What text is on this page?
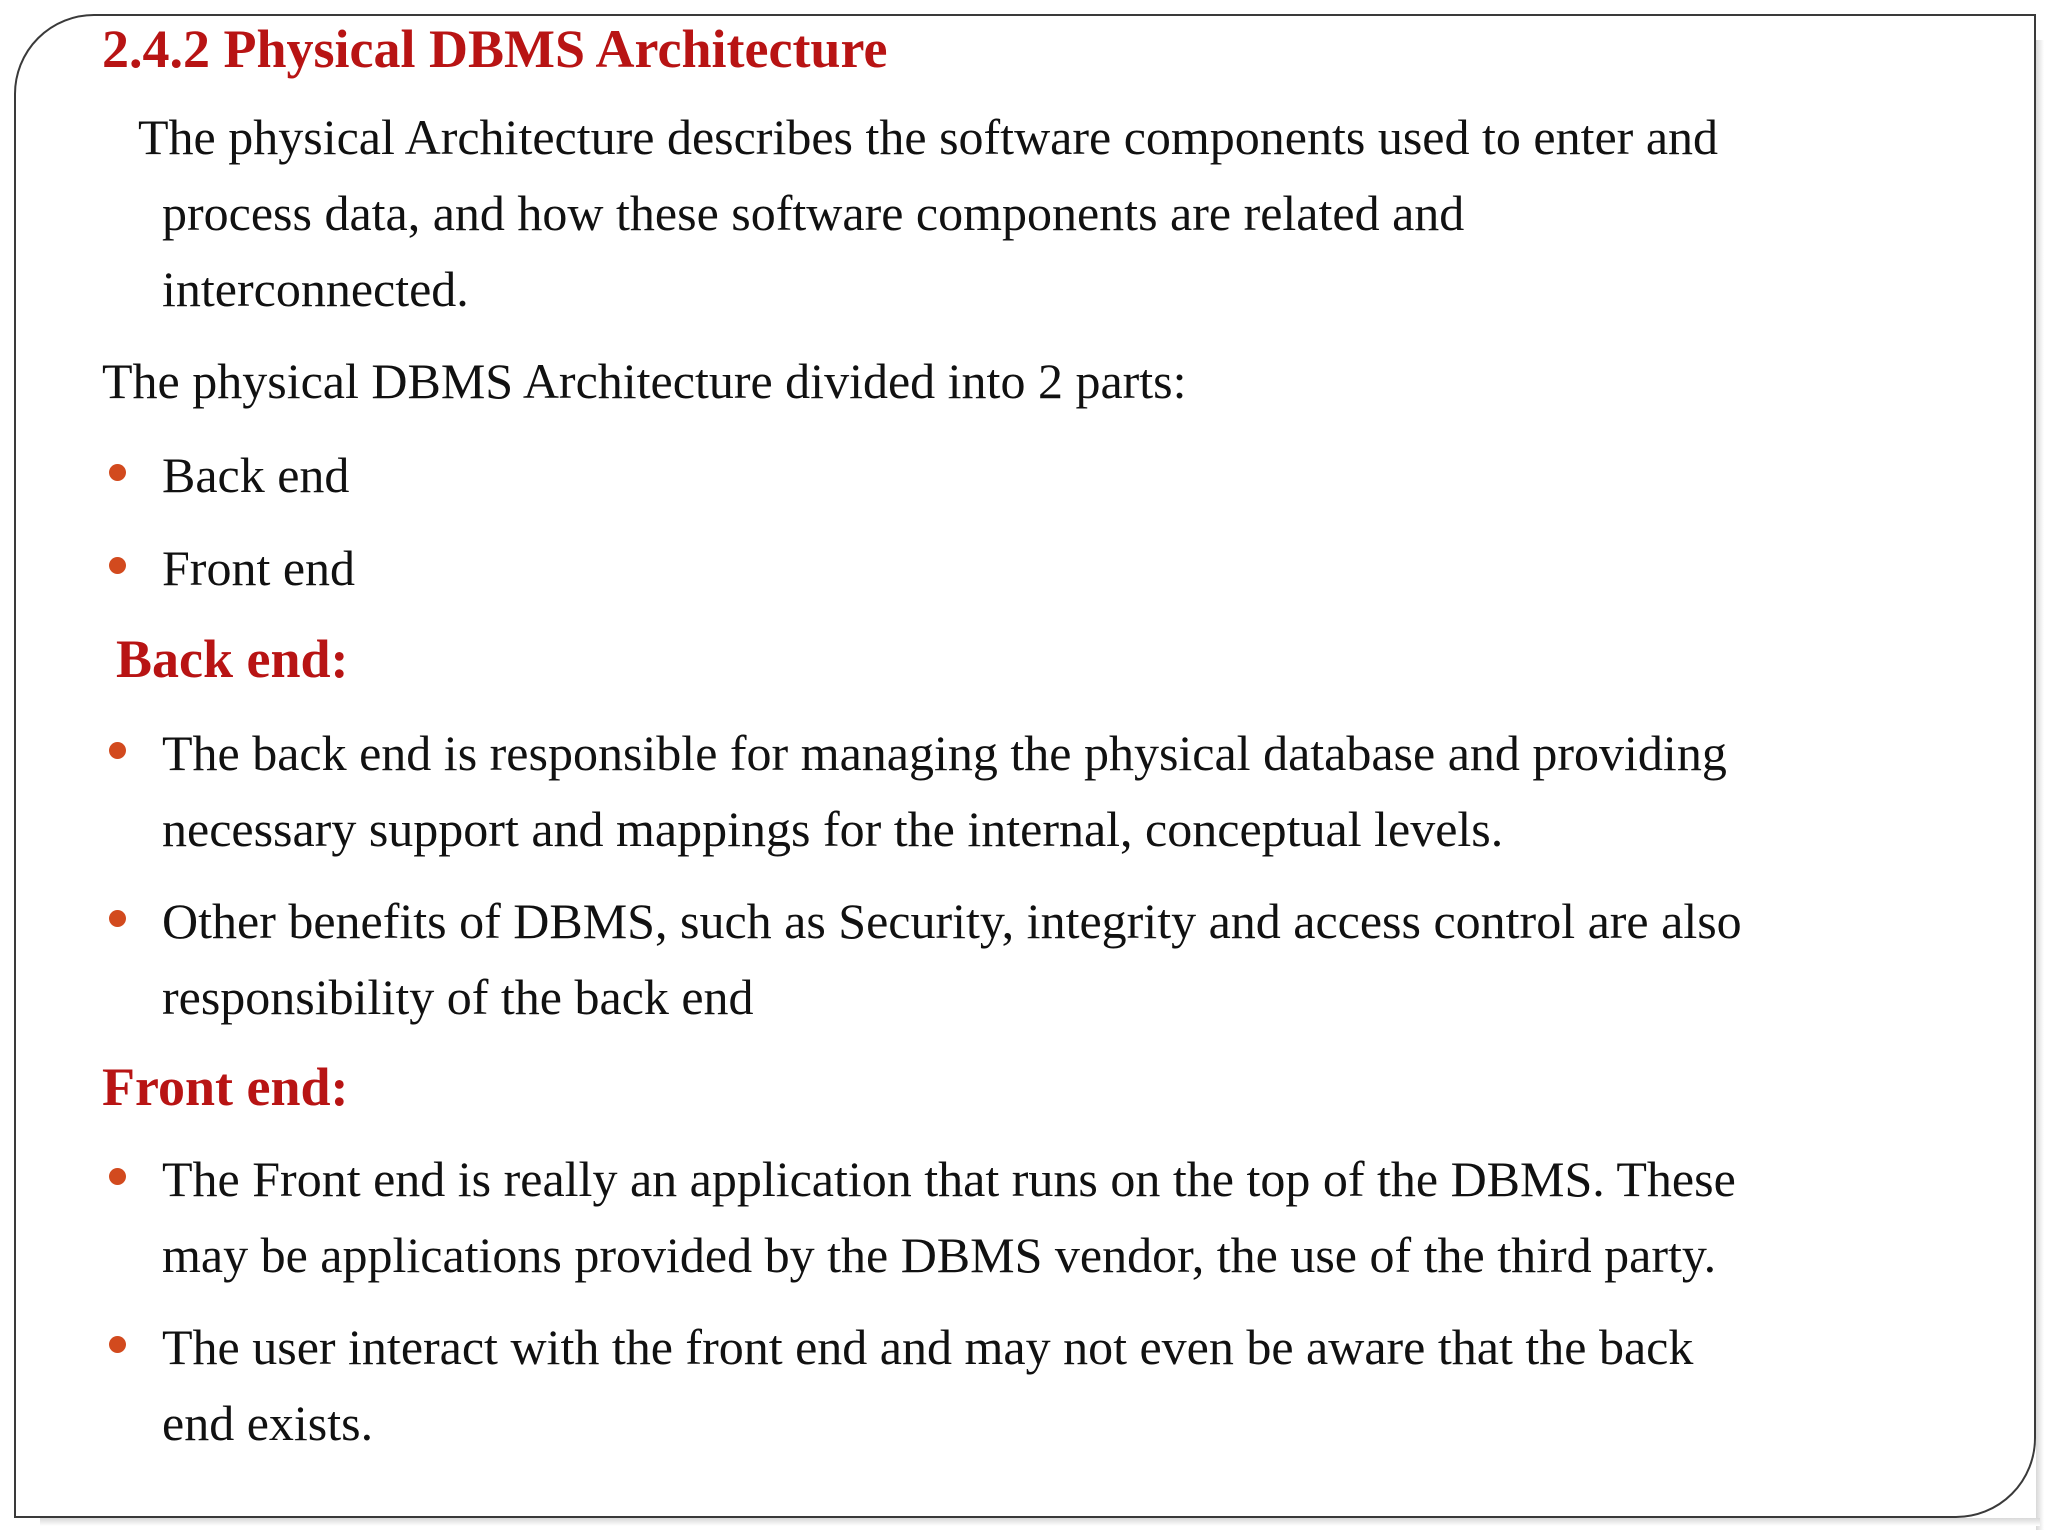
2.4.2 Physical DBMS Architecture
The physical Architecture describes the software components used to enter and
process data, and how these software components are related and
interconnected.
The physical DBMS Architecture divided into 2 parts:
Back end
Front end
Back end:
The back end is responsible for managing the physical database and providing
necessary support and mappings for the internal, conceptual levels.
Other benefits of DBMS, such as Security, integrity and access control are also
responsibility of the back end
Front end:
The Front end is really an application that runs on the top of the DBMS. These
may be applications provided by the DBMS vendor, the use of the third party.
The user interact with the front end and may not even be aware that the back
end exists.
